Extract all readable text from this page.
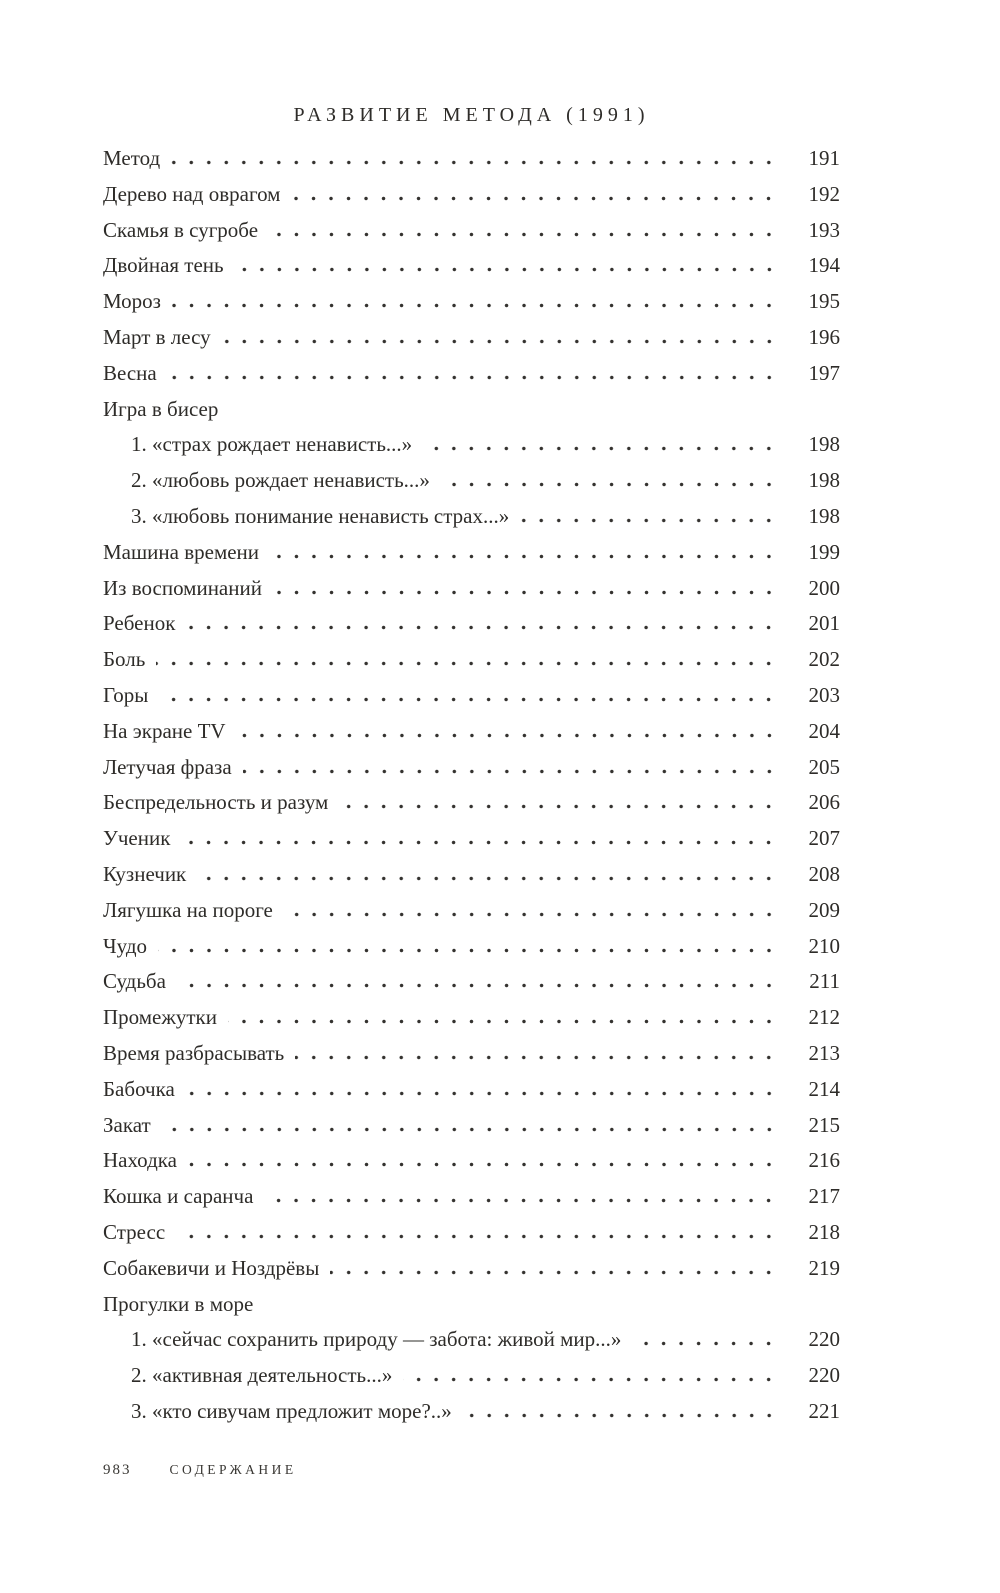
РАЗВИТИЕ МЕТОДА (1991)
Метод	191
Дерево над оврагом	192
Скамья в сугробе	193
Двойная тень	194
Мороз	195
Март в лесу	196
Весна	197
Игра в бисер
1. «страх рождает ненависть...»	198
2. «любовь рождает ненависть...»	198
3. «любовь понимание ненависть страх...»	198
Машина времени	199
Из воспоминаний	200
Ребенок	201
Боль	202
Горы	203
На экране TV	204
Летучая фраза	205
Беспредельность и разум	206
Ученик	207
Кузнечик	208
Лягушка на пороге	209
Чудо	210
Судьба	211
Промежутки	212
Время разбрасывать	213
Бабочка	214
Закат	215
Находка	216
Кошка и саранча	217
Стресс	218
Собакевичи и Ноздрёвы	219
Прогулки в море
1. «сейчас сохранить природу — забота: живой мир...»	220
2. «активная деятельность...»	220
3. «кто сивучам предложит море?..»	221
983	СОДЕРЖАНИЕ
